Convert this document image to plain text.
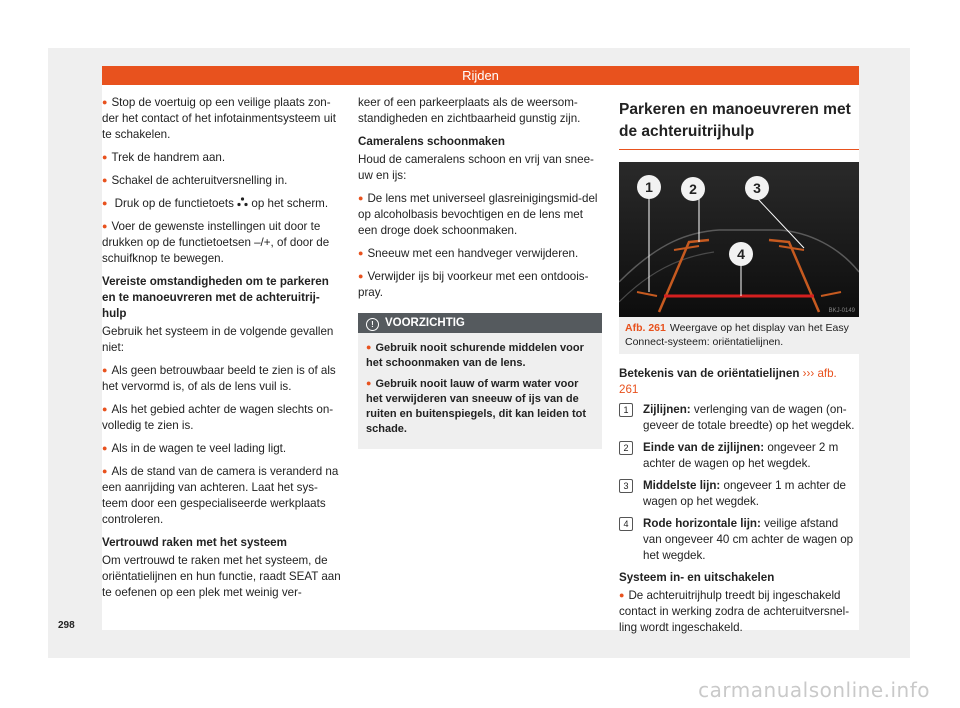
Rijden

● Stop de voertuig op een veilige plaats zon-der het contact of het infotainmentsysteem uit te schakelen.

● Trek de handrem aan.

● Schakel de achteruitversnelling in.

● Druk op de functietoets op het scherm.

● Voer de gewenste instellingen uit door te drukken op de functietoetsen –/+, of door de schuifknop te bewegen.

Vereiste omstandigheden om te parkeren en te manoeuvreren met de achteruitrij-hulp

Gebruik het systeem in de volgende gevallen niet:

● Als geen betrouwbaar beeld te zien is of als het vervormd is, of als de lens vuil is.

● Als het gebied achter de wagen slechts on-volledig te zien is.

● Als in de wagen te veel lading ligt.

● Als de stand van de camera is veranderd na een aanrijding van achteren. Laat het sys-teem door een gespecialiseerde werkplaats controleren.

Vertrouwd raken met het systeem

Om vertrouwd te raken met het systeem, de oriëntatielijnen en hun functie, raadt SEAT aan te oefenen op een plek met weinig ver-

keer of een parkeerplaats als de weersom-standigheden en zichtbaarheid gunstig zijn.

Cameralens schoonmaken

Houd de cameralens schoon en vrij van snee-uw en ijs:

● De lens met universeel glasreinigingsmid-del op alcoholbasis bevochtigen en de lens met een droge doek schoonmaken.

● Sneeuw met een handveger verwijderen.

● Verwijder ijs bij voorkeur met een ontdoois-pray.

! VOORZICHTIG

● Gebruik nooit schurende middelen voor het schoonmaken van de lens.

● Gebruik nooit lauw of warm water voor het verwijderen van sneeuw of ijs van de ruiten en buitenspiegels, dit kan leiden tot schade.

Parkeren en manoeuvreren met de achteruitrijhulp
1	2	3
4
BKJ-0149
Afb. 261 Weergave op het display van het Easy Connect-systeem: oriëntatielijnen.

Betekenis van de oriëntatielijnen ››› afb. 261

1	Zijlijnen: verlenging van de wagen (on-geveer de totale breedte) op het wegdek.
2	Einde van de zijlijnen: ongeveer 2 m achter de wagen op het wegdek.
3	Middelste lijn: ongeveer 1 m achter de wagen op het wegdek.
4	Rode horizontale lijn: veilige afstand van ongeveer 40 cm achter de wagen op het wegdek.

Systeem in- en uitschakelen

● De achteruitrijhulp treedt bij ingeschakeld contact in werking zodra de achteruitversnel-ling wordt ingeschakeld.

298
carmanualsonline.info
